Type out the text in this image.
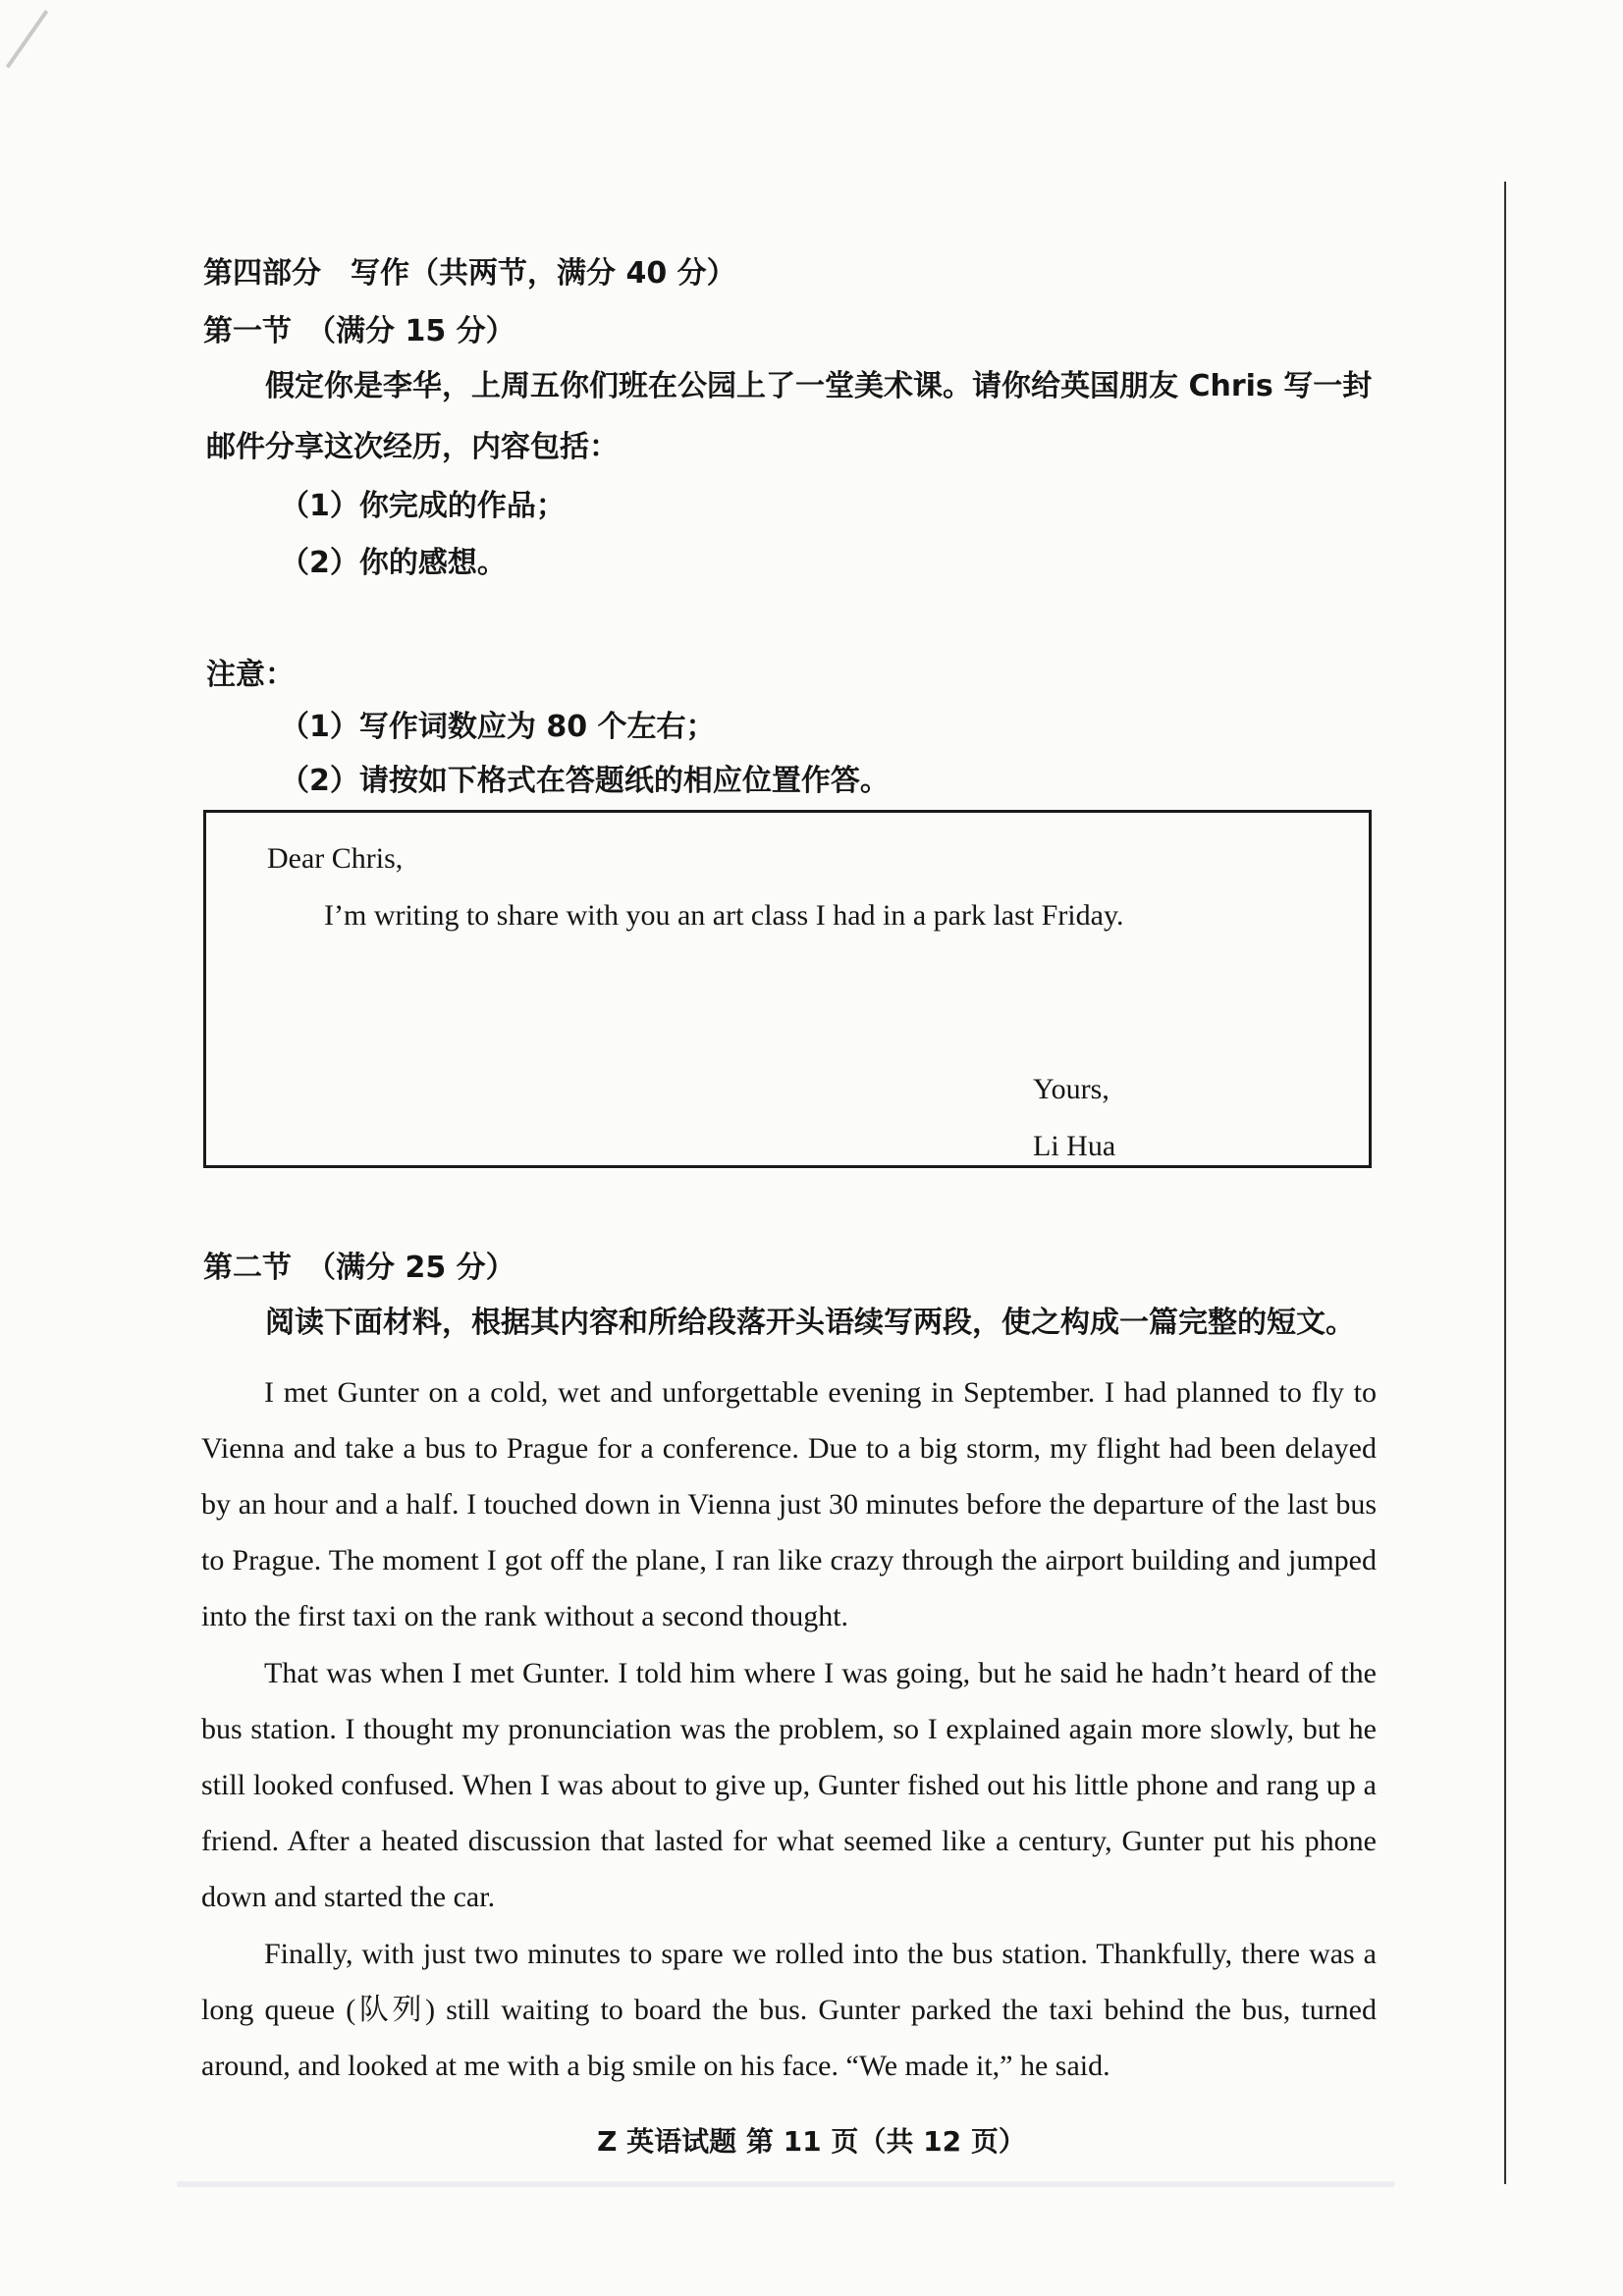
第四部分　写作（共两节，满分 40 分）
第一节　（满分 15 分）
假定你是李华，上周五你们班在公园上了一堂美术课。请你给英国朋友 Chris 写一封
邮件分享这次经历，内容包括：
（1）你完成的作品；
（2）你的感想。
注意：
（1）写作词数应为 80 个左右；
（2）请按如下格式在答题纸的相应位置作答。
Dear Chris,
I’m writing to share with you an art class I had in a park last Friday.
Yours,
Li Hua
第二节　（满分 25 分）
阅读下面材料，根据其内容和所给段落开头语续写两段，使之构成一篇完整的短文。

I met Gunter on a cold, wet and unforgettable evening in September. I had planned to fly to Vienna and take a bus to Prague for a conference. Due to a big storm, my flight had been delayed by an hour and a half. I touched down in Vienna just 30 minutes before the departure of the last bus to Prague. The moment I got off the plane, I ran like crazy through the airport building and jumped into the first taxi on the rank without a second thought.

That was when I met Gunter. I told him where I was going, but he said he hadn’t heard of the bus station. I thought my pronunciation was the problem, so I explained again more slowly, but he still looked confused. When I was about to give up, Gunter fished out his little phone and rang up a friend. After a heated discussion that lasted for what seemed like a century, Gunter put his phone down and started the car.

Finally, with just two minutes to spare we rolled into the bus station. Thankfully, there was a long queue (队列) still waiting to board the bus. Gunter parked the taxi behind the bus, turned around, and looked at me with a big smile on his face. “We made it,” he said.

Z 英语试题 第 11 页（共 12 页）
